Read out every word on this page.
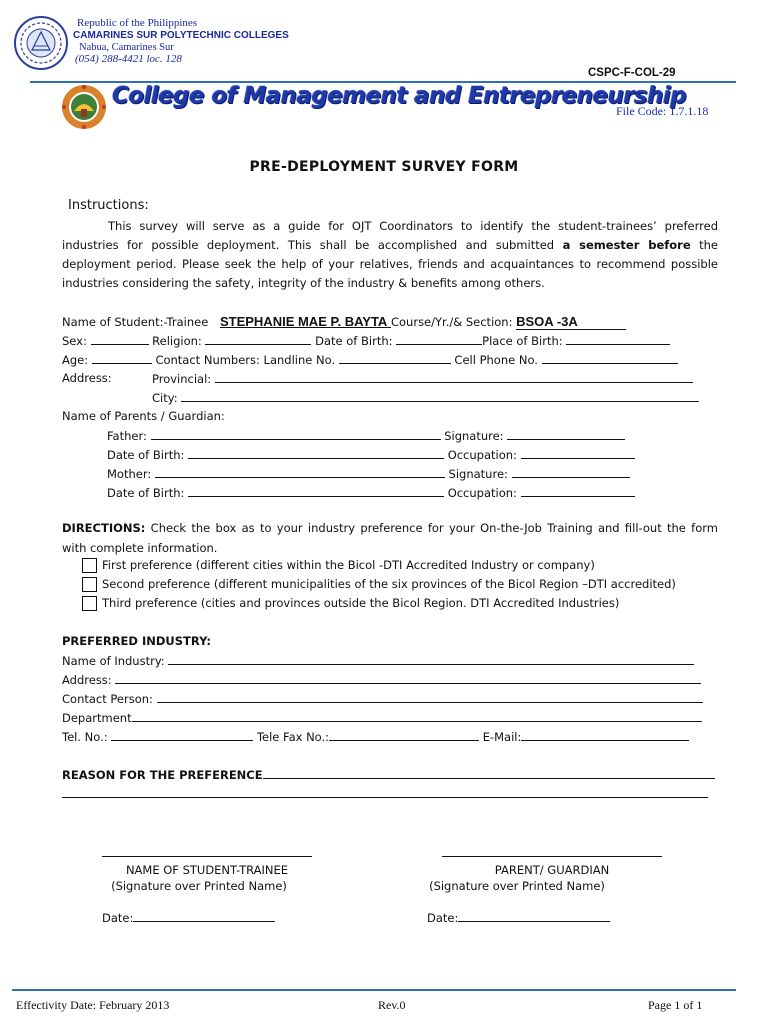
Republic of the Philippines
CAMARINES SUR POLYTECHNIC COLLEGES
Nabua, Camarines Sur
(054) 288-4421 loc. 128
CSPC-F-COL-29
College of Management and Entrepreneurship
File Code: 1.7.1.18
PRE-DEPLOYMENT SURVEY FORM
Instructions:
This survey will serve as a guide for OJT Coordinators to identify the student-trainees’ preferred industries for possible deployment. This shall be accomplished and submitted a semester before the deployment period. Please seek the help of your relatives, friends and acquaintances to recommend possible industries considering the safety, integrity of the industry & benefits among others.
Name of Student:-Trainee STEPHANIE MAE P. BAYTA Course/Yr./& Section: BSOA -3A
Sex:	Religion:	Date of Birth:	Place of Birth:
Age:	Contact Numbers: Landline No.	Cell Phone No.
Address:	Provincial:
City:
Name of Parents / Guardian:
Father:	Signature:
Date of Birth:	Occupation:
Mother:	Signature:
Date of Birth:	Occupation:
DIRECTIONS: Check the box as to your industry preference for your On-the-Job Training and fill-out the form with complete information.
First preference (different cities within the Bicol -DTI Accredited Industry or company)
Second preference (different municipalities of the six provinces of the Bicol Region –DTI accredited)
Third preference (cities and provinces outside the Bicol Region. DTI Accredited Industries)
PREFERRED INDUSTRY:
Name of Industry:
Address:
Contact Person:
Department
Tel. No.:	Tele Fax No.:	E-Mail:
REASON FOR THE PREFERENCE
NAME OF STUDENT-TRAINEE
(Signature over Printed Name)
PARENT/ GUARDIAN
(Signature over Printed Name)
Date:	Date:
Effectivity Date: February 2013	Rev.0	Page 1 of 1
